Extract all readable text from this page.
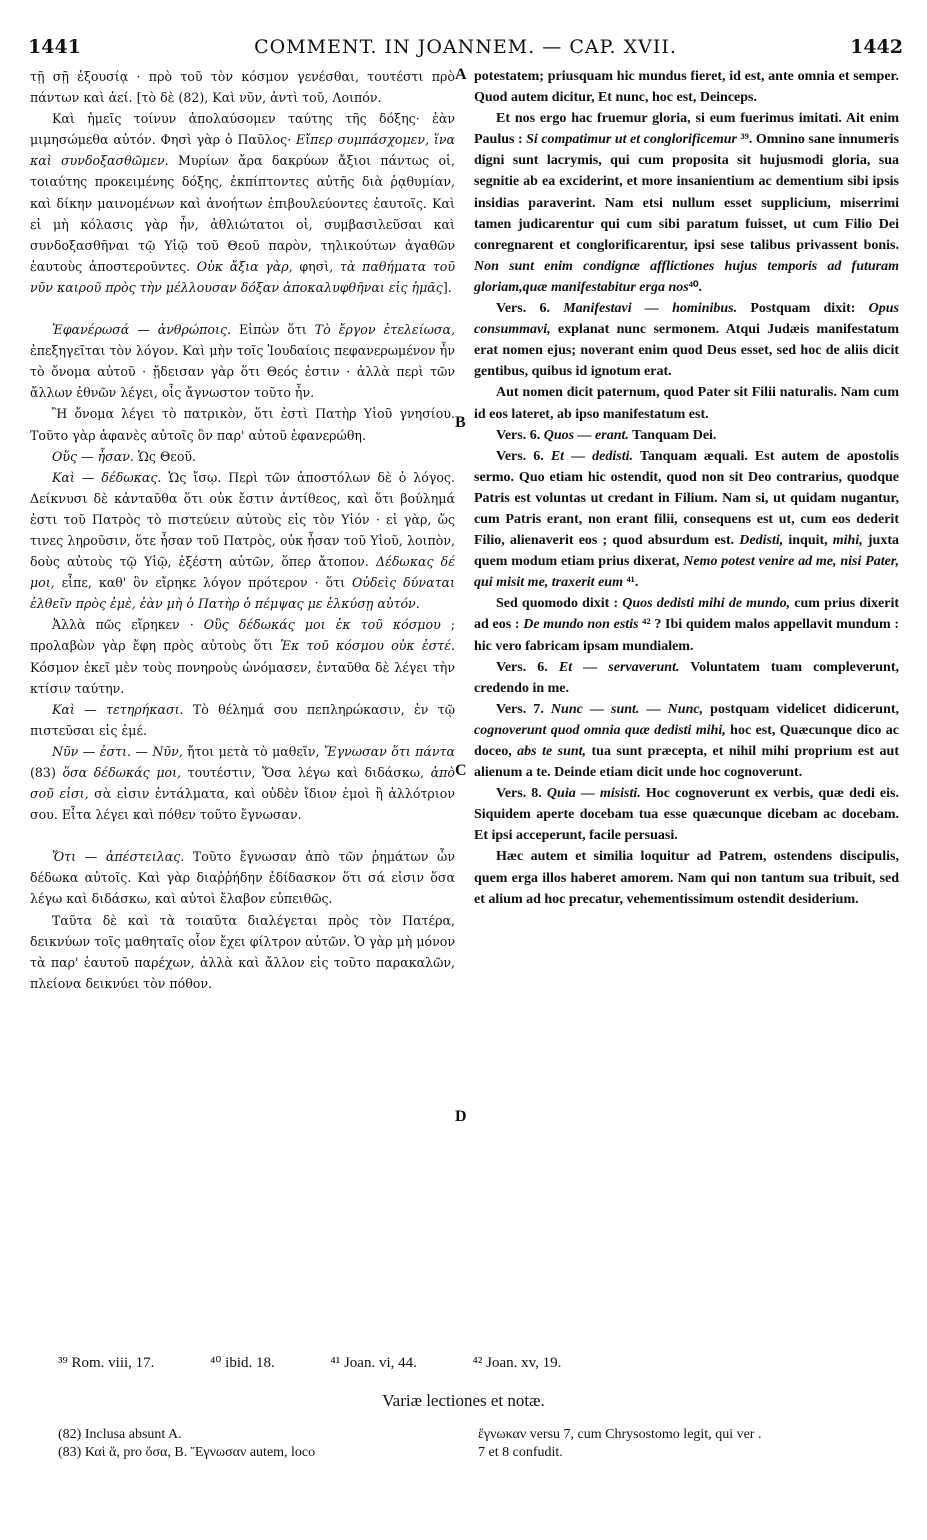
1441	COMMENT. IN JOANNEM. — CAP. XVII.	1442
A
B
C
D

τῇ σῇ ἐξουσίᾳ · πρὸ τοῦ τὸν κόσμον γενέσθαι, τουτέστι πρὸ πάντων καὶ ἀεί. [τὸ δὲ (82), Καὶ νῦν, ἀντὶ τοῦ, Λοιπόν.

Καὶ ἡμεῖς τοίνυν ἀπολαύσομεν ταύτης τῆς δόξης· ἐὰν μιμησώμεθα αὐτόν. Φησὶ γὰρ ὁ Παῦλος· Εἴπερ συμπάσχομεν, ἵνα καὶ συνδοξασθῶμεν. Μυρίων ἄρα δακρύων ἄξιοι πάντως οἱ, τοιαύτης προκειμένης δόξης, ἐκπίπτοντες αὐτῆς διὰ ῥᾳθυμίαν, καὶ δίκην μαινομένων καὶ ἀνοήτων ἐπιβουλεύοντες ἑαυτοῖς. Καὶ εἰ μὴ κόλασις γὰρ ἦν, ἀθλιώτατοι οἱ, συμβασιλεῦσαι καὶ συνδοξασθῆναι τῷ Υἱῷ τοῦ Θεοῦ παρὸν, τηλικούτων ἀγαθῶν ἑαυτοὺς ἀποστεροῦντες. Οὐκ ἄξια γὰρ, φησὶ, τὰ παθήματα τοῦ νῦν καιροῦ πρὸς τὴν μέλλουσαν δόξαν ἀποκαλυφθῆναι εἰς ἡμᾶς].

Ἐφανέρωσά — ἀνθρώποις. Εἰπὼν ὅτι Τὸ ἔργον ἐτελείωσα, ἐπεξηγεῖται τὸν λόγον. Καὶ μὴν τοῖς Ἰουδαίοις πεφανερωμένον ἦν τὸ ὄνομα αὐτοῦ · ᾔδεισαν γὰρ ὅτι Θεός ἐστιν · ἀλλὰ περὶ τῶν ἄλλων ἐθνῶν λέγει, οἷς ἄγνωστον τοῦτο ἦν.

Ἢ ὄνομα λέγει τὸ πατρικὸν, ὅτι ἐστὶ Πατὴρ Υἱοῦ γνησίου. Τοῦτο γὰρ ἀφανὲς αὐτοῖς ὂν παρ' αὐτοῦ ἐφανερώθη.

Οὕς — ἦσαν. Ὡς Θεοῦ.

Καὶ — δέδωκας. Ὡς ἴσῳ. Περὶ τῶν ἀποστόλων δὲ ὁ λόγος. Δείκνυσι δὲ κἀνταῦθα ὅτι οὐκ ἔστιν ἀντίθεος, καὶ ὅτι βούλημά ἐστι τοῦ Πατρὸς τὸ πιστεύειν αὐτοὺς εἰς τὸν Υἱόν · εἰ γὰρ, ὥς τινες ληροῦσιν, ὅτε ἦσαν τοῦ Πατρὸς, οὐκ ἦσαν τοῦ Υἱοῦ, λοιπὸν, δοὺς αὐτοὺς τῷ Υἱῷ, ἐξέστη αὐτῶν, ὅπερ ἄτοπον. Δέδωκας δέ μοι, εἶπε, καθ' ὃν εἴρηκε λόγον πρότερον · ὅτι Οὐδεὶς δύναται ἐλθεῖν πρὸς ἐμὲ, ἐὰν μὴ ὁ Πατὴρ ὁ πέμψας με ἑλκύσῃ αὐτόν.

Ἀλλὰ πῶς εἴρηκεν · Οὓς δέδωκάς μοι ἐκ τοῦ κόσμου ; προλαβὼν γὰρ ἔφη πρὸς αὐτοὺς ὅτι Ἐκ τοῦ κόσμου οὐκ ἐστέ. Κόσμον ἐκεῖ μὲν τοὺς πονηροὺς ὠνόμασεν, ἐνταῦθα δὲ λέγει τὴν κτίσιν ταύτην.

Καὶ — τετηρήκασι. Τὸ θέλημά σου πεπληρώκασιν, ἐν τῷ πιστεῦσαι εἰς ἐμέ.

Νῦν — ἐστι. — Νῦν, ἤτοι μετὰ τὸ μαθεῖν, Ἔγνωσαν ὅτι πάντα (83) ὅσα δέδωκάς μοι, τουτέστιν, Ὅσα λέγω καὶ διδάσκω, ἀπὸ σοῦ εἰσι, σὰ εἰσιν ἐντάλματα, καὶ οὐδὲν ἴδιον ἐμοὶ ἢ ἀλλότριον σου. Εἶτα λέγει καὶ πόθεν τοῦτο ἔγνωσαν.

Ὅτι — ἀπέστειλας. Τοῦτο ἔγνωσαν ἀπὸ τῶν ῥημάτων ὧν δέδωκα αὐτοῖς. Καὶ γὰρ διαῤῥήδην ἐδίδασκον ὅτι σά εἰσιν ὅσα λέγω καὶ διδάσκω, καὶ αὐτοὶ ἔλαβον εὐπειθῶς.

Ταῦτα δὲ καὶ τὰ τοιαῦτα διαλέγεται πρὸς τὸν Πατέρα, δεικνύων τοῖς μαθηταῖς οἷον ἔχει φίλτρον αὐτῶν. Ὁ γὰρ μὴ μόνον τὰ παρ' ἑαυτοῦ παρέχων, ἀλλὰ καὶ ἄλλον εἰς τοῦτο παρακαλῶν, πλείονα δεικνύει τὸν πόθον.

potestatem; priusquam hic mundus fieret, id est, ante omnia et semper. Quod autem dicitur, Et nunc, hoc est, Deinceps.

Et nos ergo hac fruemur gloria, si eum fuerimus imitati. Ait enim Paulus : Si compatimur ut et conglorificemur ³⁹. Omnino sane innumeris digni sunt lacrymis, qui cum proposita sit hujusmodi gloria, sua segnitie ab ea exciderint, et more insanientium ac dementium sibi ipsis insidias paraverint. Nam etsi nullum esset supplicium, miserrimi tamen judicarentur qui cum sibi paratum fuisset, ut cum Filio Dei conregnarent et conglorificarentur, ipsi sese talibus privassent bonis. Non sunt enim condignæ afflictiones hujus temporis ad futuram gloriam,quæ manifestabitur erga nos⁴⁰.

Vers. 6. Manifestavi — hominibus. Postquam dixit: Opus consummavi, explanat nunc sermonem. Atqui Judæis manifestatum erat nomen ejus; noverant enim quod Deus esset, sed hoc de aliis dicit gentibus, quibus id ignotum erat.

Aut nomen dicit paternum, quod Pater sit Filii naturalis. Nam cum id eos lateret, ab ipso manifestatum est.

Vers. 6. Quos — erant. Tanquam Dei.

Vers. 6. Et — dedisti. Tanquam æquali. Est autem de apostolis sermo. Quo etiam hic ostendit, quod non sit Deo contrarius, quodque Patris est voluntas ut credant in Filium. Nam si, ut quidam nugantur, cum Patris erant, non erant filii, consequens est ut, cum eos dederit Filio, alienaverit eos ; quod absurdum est. Dedisti, inquit, mihi, juxta quem modum etiam prius dixerat, Nemo potest venire ad me, nisi Pater, qui misit me, traxerit eum ⁴¹.

Sed quomodo dixit : Quos dedisti mihi de mundo, cum prius dixerit ad eos : De mundo non estis ⁴² ? Ibi quidem malos appellavit mundum : hic vero fabricam ipsam mundialem.

Vers. 6. Et — servaverunt. Voluntatem tuam compleverunt, credendo in me.

Vers. 7. Nunc — sunt. — Nunc, postquam videlicet didicerunt, cognoverunt quod omnia quæ dedisti mihi, hoc est, Quæcunque dico ac doceo, abs te sunt, tua sunt præcepta, et nihil mihi proprium est aut alienum a te. Deinde etiam dicit unde hoc cognoverunt.

Vers. 8. Quia — misisti. Hoc cognoverunt ex verbis, quæ dedi eis. Siquidem aperte docebam tua esse quæcunque dicebam ac docebam. Et ipsi acceperunt, facile persuasi.

Hæc autem et similia loquitur ad Patrem, ostendens discipulis, quem erga illos haberet amorem. Nam qui non tantum sua tribuit, sed et alium ad hoc precatur, vehementissimum ostendit desiderium.

³⁹ Rom. viii, 17.	⁴⁰ ibid. 18.	⁴¹ Joan. vi, 44.	⁴² Joan. xv, 19.
Variæ lectiones et notæ.
(82) Inclusa absunt A.
(83) Καὶ ἅ, pro ὅσα, B. Ἔγνωσαν autem, loco
ἔγνωκαν versu 7, cum Chrysostomo legit, qui ver .
7 et 8 confudit.
